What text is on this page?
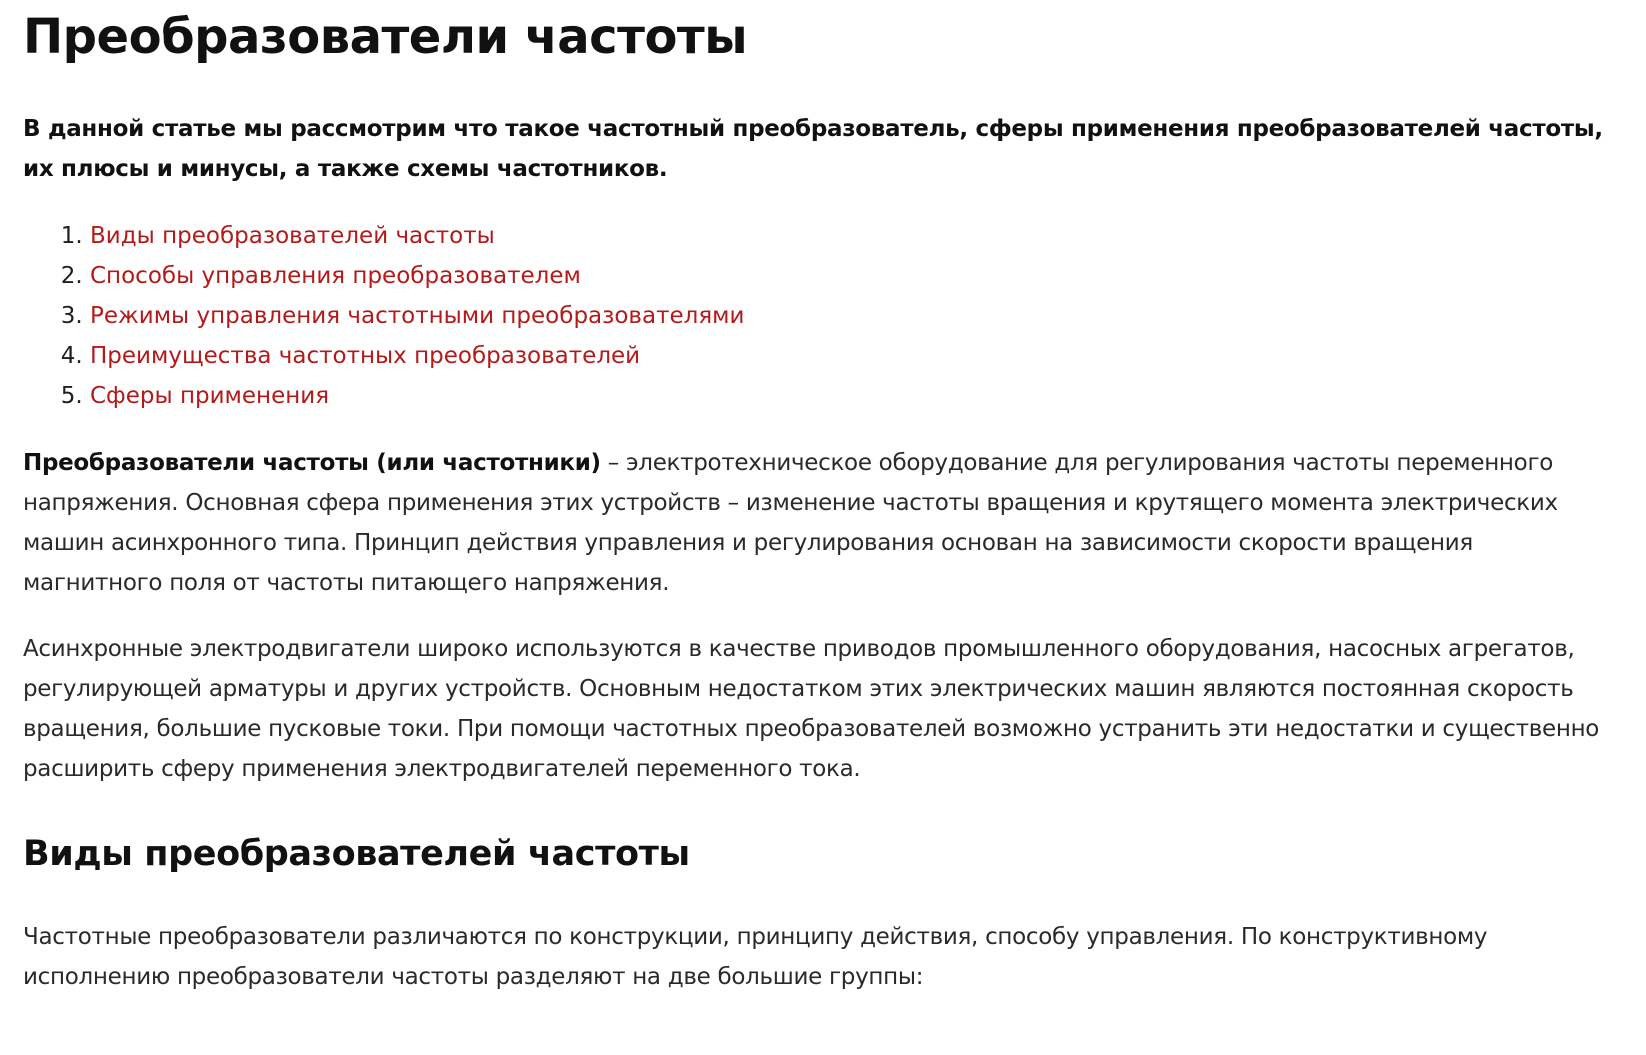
Преобразователи частоты

В данной статье мы рассмотрим что такое частотный преобразователь, сферы применения преобразователей частоты, их плюсы и минусы, а также схемы частотников.

1. Виды преобразователей частоты
2. Способы управления преобразователем
3. Режимы управления частотными преобразователями
4. Преимущества частотных преобразователей
5. Сферы применения

Преобразователи частоты (или частотники) – электротехническое оборудование для регулирования частоты переменного напряжения. Основная сфера применения этих устройств – изменение частоты вращения и крутящего момента электрических машин асинхронного типа. Принцип действия управления и регулирования основан на зависимости скорости вращения магнитного поля от частоты питающего напряжения.

Асинхронные электродвигатели широко используются в качестве приводов промышленного оборудования, насосных агрегатов, регулирующей арматуры и других устройств. Основным недостатком этих электрических машин являются постоянная скорость вращения, большие пусковые токи. При помощи частотных преобразователей возможно устранить эти недостатки и существенно расширить сферу применения электродвигателей переменного тока.

Виды преобразователей частоты

Частотные преобразователи различаются по конструкции, принципу действия, способу управления. По конструктивному исполнению преобразователи частоты разделяют на две большие группы:
